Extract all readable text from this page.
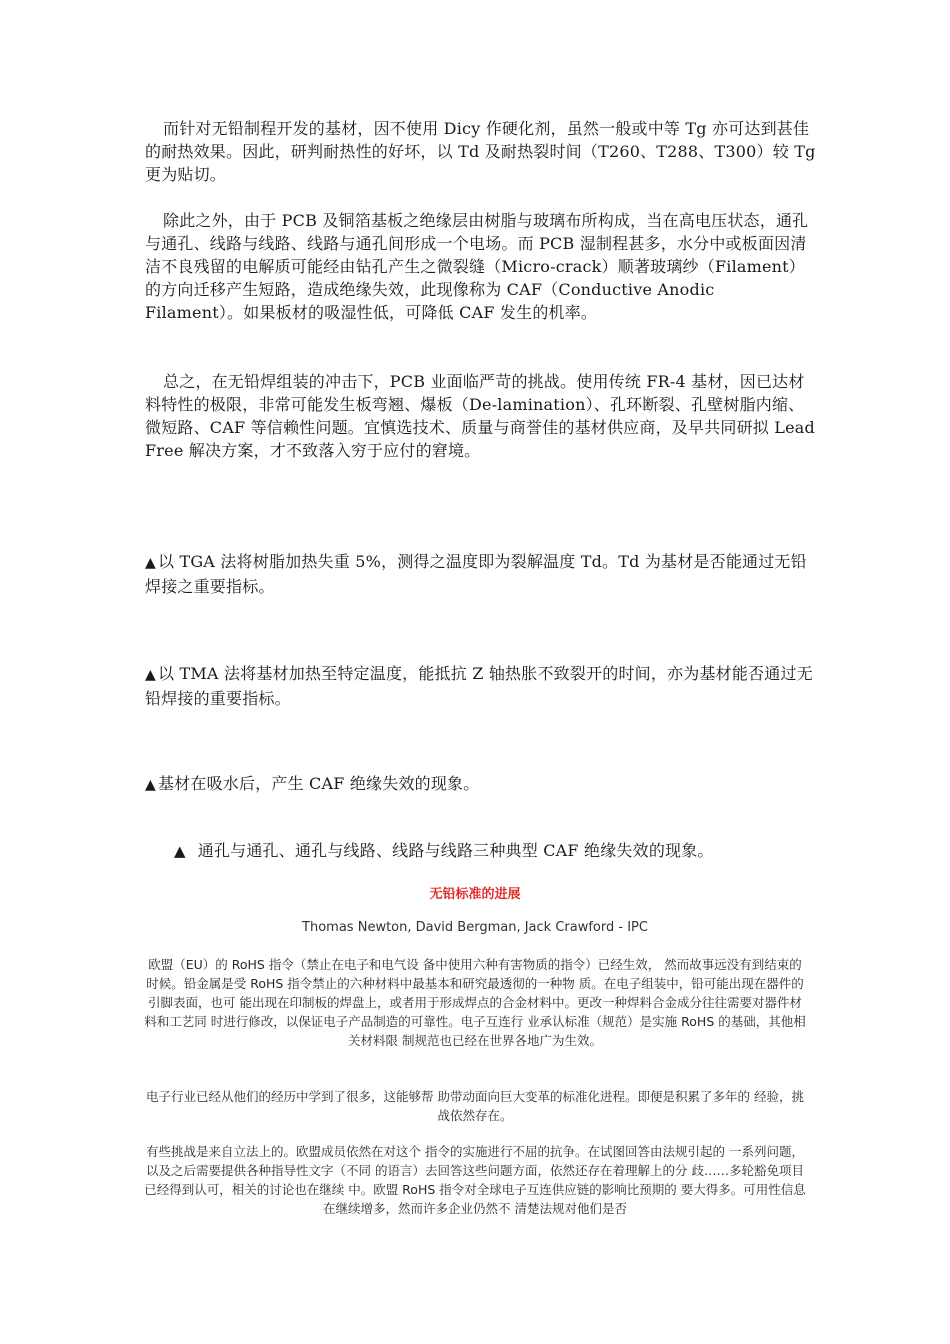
而针对无铅制程开发的基材，因不使用 Dicy 作硬化剂，虽然一般或中等 Tg 亦可达到甚佳的耐热效果。因此，研判耐热性的好坏，以 Td 及耐热裂时间（T260、T288、T300）较 Tg 更为贴切。

除此之外，由于 PCB 及铜箔基板之绝缘层由树脂与玻璃布所构成，当在高电压状态，通孔与通孔、线路与线路、线路与通孔间形成一个电场。而 PCB 湿制程甚多，水分中或板面因清洁不良残留的电解质可能经由钻孔产生之微裂缝（Micro-crack）顺著玻璃纱（Filament）的方向迁移产生短路，造成绝缘失效，此现像称为 CAF（Conductive Anodic Filament）。如果板材的吸湿性低，可降低 CAF 发生的机率。

总之，在无铅焊组装的冲击下，PCB 业面临严苛的挑战。使用传统 FR-4 基材，因已达材料特性的极限，非常可能发生板弯翘、爆板（De-lamination）、孔环断裂、孔壁树脂内缩、微短路、CAF 等信赖性问题。宜慎选技术、质量与商誉佳的基材供应商，及早共同研拟 Lead Free 解决方案，才不致落入穷于应付的窘境。

▲ 以 TGA 法将树脂加热失重 5%，测得之温度即为裂解温度 Td。Td 为基材是否能通过无铅焊接之重要指标。
▲ 以 TMA 法将基材加热至特定温度，能抵抗 Z 轴热胀不致裂开的时间，亦为基材能否通过无铅焊接的重要指标。
▲ 基材在吸水后，产生 CAF 绝缘失效的现象。
▲ 通孔与通孔、通孔与线路、线路与线路三种典型 CAF 绝缘失效的现象。
无铅标准的进展
Thomas Newton, David Bergman, Jack Crawford - IPC

欧盟（EU）的 RoHS 指令（禁止在电子和电气设 备中使用六种有害物质的指令）已经生效， 然而故事远没有到结束的时候。铅金属是受 RoHS 指令禁止的六种材料中最基本和研究最透彻的一种物 质。在电子组装中，铅可能出现在器件的引脚表面，也可 能出现在印制板的焊盘上，或者用于形成焊点的合金材料中。更改一种焊料合金成分往往需要对器件材料和工艺同 时进行修改，以保证电子产品制造的可靠性。电子互连行 业承认标准（规范）是实施 RoHS 的基础，其他相关材料限 制规范也已经在世界各地广为生效。

电子行业已经从他们的经历中学到了很多，这能够帮 助带动面向巨大变革的标准化进程。即便是积累了多年的 经验，挑战依然存在。

有些挑战是来自立法上的。欧盟成员依然在对这个 指令的实施进行不屈的抗争。在试图回答由法规引起的 一系列问题，以及之后需要提供各种指导性文字（不同 的语言）去回答这些问题方面，依然还存在着理解上的分 歧……多轮豁免项目已经得到认可，相关的讨论也在继续 中。欧盟 RoHS 指令对全球电子互连供应链的影响比预期的 要大得多。可用性信息在继续增多，然而许多企业仍然不 清楚法规对他们是否
